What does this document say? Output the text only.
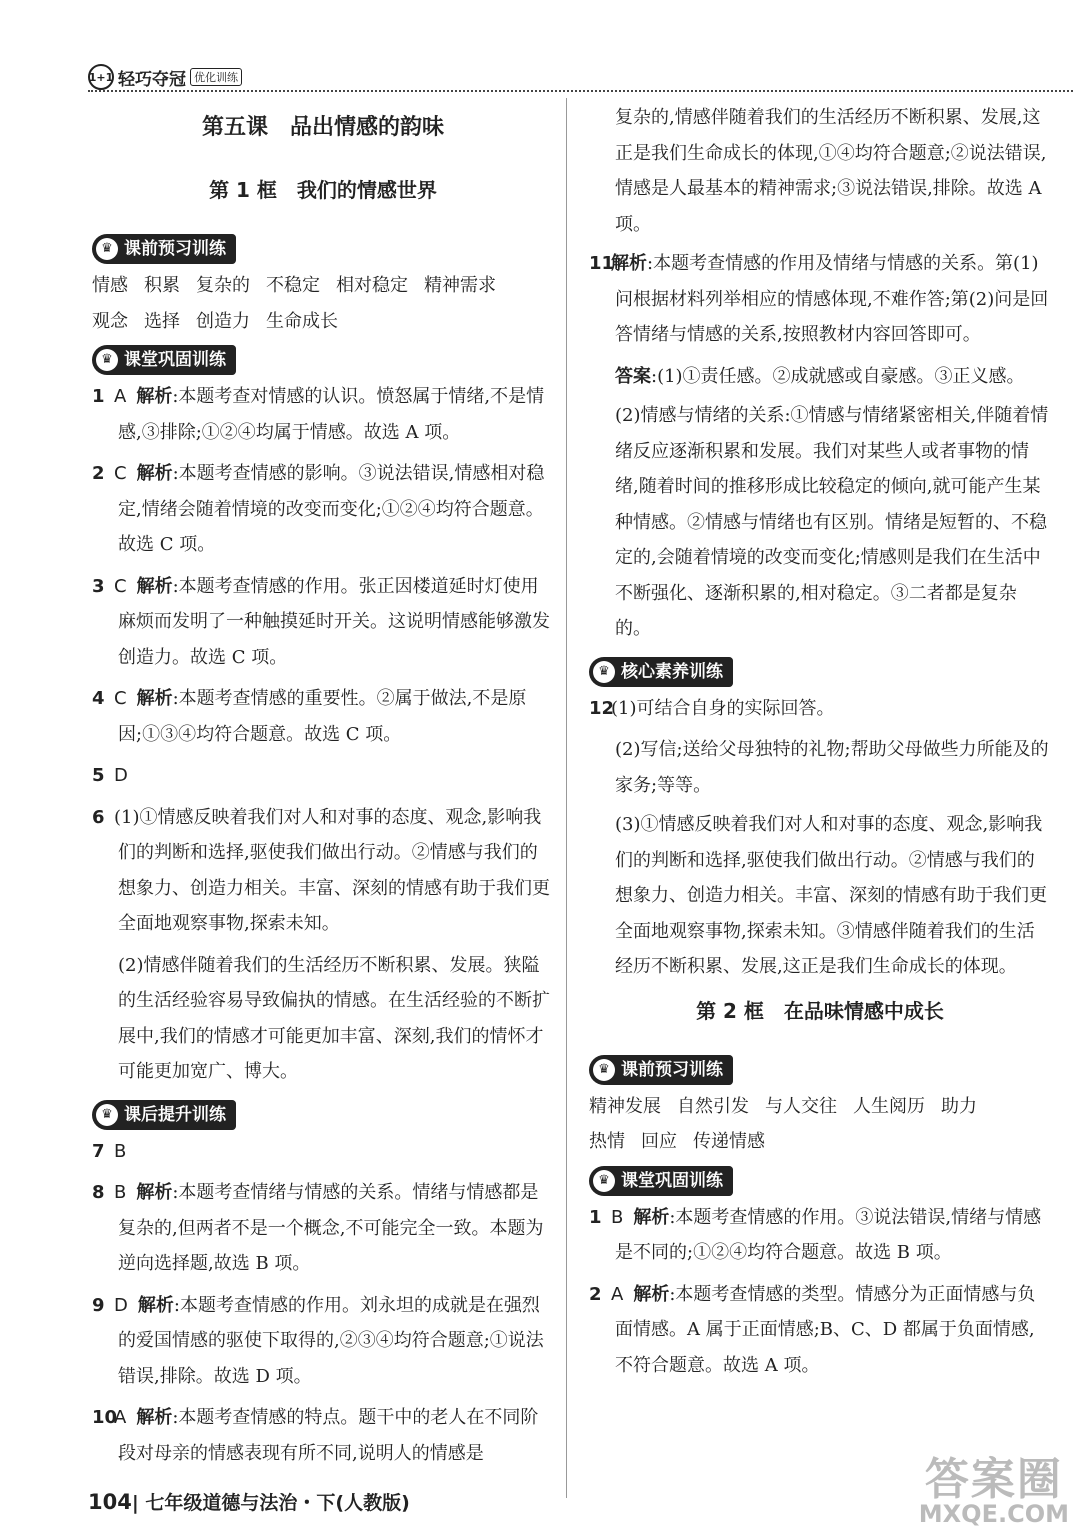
1+1 轻巧夺冠 优化训练
第五课　品出情感的韵味
第 1 框　我们的情感世界
♛ 课前预习训练

情感 积累 复杂的 不稳定 相对稳定 精神需求

观念 选择 创造力 生命成长

♛ 课堂巩固训练

1 A 解析:本题考查对情感的认识。愤怒属于情绪,不是情感,③排除;①②④均属于情感。故选 A 项。

2 C 解析:本题考查情感的影响。③说法错误,情感相对稳定,情绪会随着情境的改变而变化;①②④均符合题意。故选 C 项。

3 C 解析:本题考查情感的作用。张正因楼道延时灯使用麻烦而发明了一种触摸延时开关。这说明情感能够激发创造力。故选 C 项。

4 C 解析:本题考查情感的重要性。②属于做法,不是原因;①③④均符合题意。故选 C 项。

5 D

6 (1)①情感反映着我们对人和对事的态度、观念,影响我们的判断和选择,驱使我们做出行动。②情感与我们的想象力、创造力相关。丰富、深刻的情感有助于我们更全面地观察事物,探索未知。

(2)情感伴随着我们的生活经历不断积累、发展。狭隘的生活经验容易导致偏执的情感。在生活经验的不断扩展中,我们的情感才可能更加丰富、深刻,我们的情怀才可能更加宽广、博大。

♛ 课后提升训练

7 B

8 B 解析:本题考查情绪与情感的关系。情绪与情感都是复杂的,但两者不是一个概念,不可能完全一致。本题为逆向选择题,故选 B 项。

9 D 解析:本题考查情感的作用。刘永坦的成就是在强烈的爱国情感的驱使下取得的,②③④均符合题意;①说法错误,排除。故选 D 项。

10A 解析:本题考查情感的特点。题干中的老人在不同阶段对母亲的情感表现有所不同,说明人的情感是

复杂的,情感伴随着我们的生活经历不断积累、发展,这正是我们生命成长的体现,①④均符合题意;②说法错误,情感是人最基本的精神需求;③说法错误,排除。故选 A 项。

11解析:本题考查情感的作用及情绪与情感的关系。第(1)问根据材料列举相应的情感体现,不难作答;第(2)问是回答情绪与情感的关系,按照教材内容回答即可。

答案:(1)①责任感。②成就感或自豪感。③正义感。

(2)情感与情绪的关系:①情感与情绪紧密相关,伴随着情绪反应逐渐积累和发展。我们对某些人或者事物的情绪,随着时间的推移形成比较稳定的倾向,就可能产生某种情感。②情感与情绪也有区别。情绪是短暂的、不稳定的,会随着情境的改变而变化;情感则是我们在生活中不断强化、逐渐积累的,相对稳定。③二者都是复杂的。

♛ 核心素养训练

12(1)可结合自身的实际回答。

(2)写信;送给父母独特的礼物;帮助父母做些力所能及的家务;等等。

(3)①情感反映着我们对人和对事的态度、观念,影响我们的判断和选择,驱使我们做出行动。②情感与我们的想象力、创造力相关。丰富、深刻的情感有助于我们更全面地观察事物,探索未知。③情感伴随着我们的生活经历不断积累、发展,这正是我们生命成长的体现。

第 2 框　在品味情感中成长
♛ 课前预习训练

精神发展 自然引发 与人交往 人生阅历 助力

热情 回应 传递情感

♛ 课堂巩固训练

1 B 解析:本题考查情感的作用。③说法错误,情绪与情感是不同的;①②④均符合题意。故选 B 项。

2 A 解析:本题考查情感的类型。情感分为正面情感与负面情感。A 属于正面情感;B、C、D 都属于负面情感,不符合题意。故选 A 项。

104| 七年级道德与法治・下(人教版)	答案圈
MXQE.COM
